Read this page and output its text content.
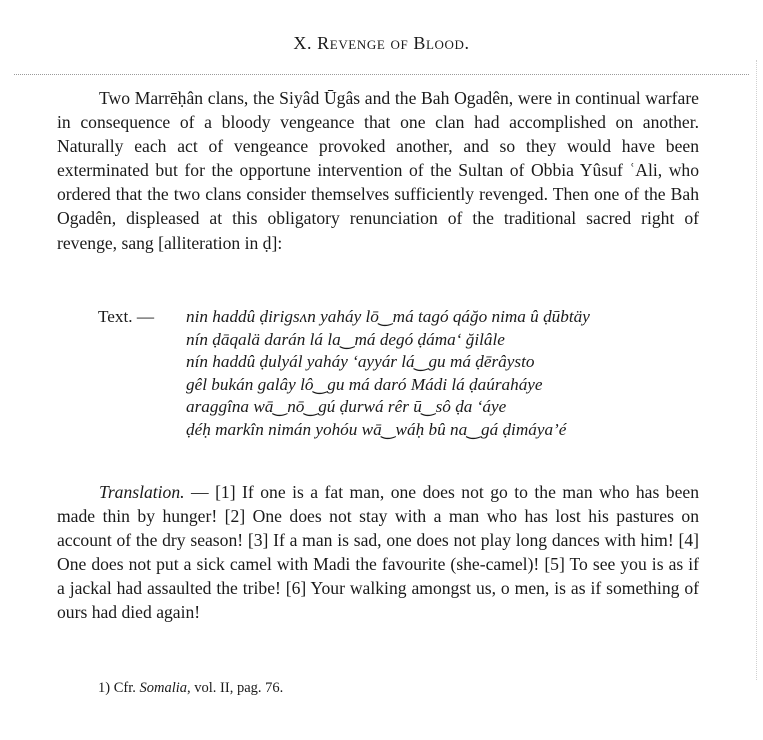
X. Revenge of Blood.

Two Marrēḥân clans, the Siyâd Ūgâs and the Bah Ogadên, were in continual warfare in consequence of a bloody vengeance that one clan had accomplished on another. Naturally each act of vengeance provoked another, and so they would have been exterminated but for the opportune intervention of the Sultan of Obbia Yûsuf ʿAli, who ordered that the two clans consider themselves sufficiently revenged. Then one of the Bah Ogadên, displeased at this obligatory renunciation of the traditional sacred right of revenge, sang [alliteration in ḍ]:

Text. — nin haddû ḍirigsʌn yaháy lō‿má tagó qáğo nima û ḍūbtäy
nín ḍāqalä darán lá la‿má degó ḍáma‘ ğilâle
nín haddû ḍulyál yaháy ‘ayyár lá‿gu má ḍērâysto
gêl bukán galây lô‿gu má daró Mádi lá ḍaúraháye
araggîna wā‿nō‿gú ḍurwá rêr ū‿sô ḍa ‘áye
ḍéḥ markîn nimán yohóu wā‿wáḥ bû na‿gá ḍimáya’é

Translation. — [1] If one is a fat man, one does not go to the man who has been made thin by hunger! [2] One does not stay with a man who has lost his pastures on account of the dry season! [3] If a man is sad, one does not play long dances with him! [4] One does not put a sick camel with Madi the favourite (she-camel)! [5] To see you is as if a jackal had assaulted the tribe! [6] Your walking amongst us, o men, is as if something of ours had died again!

1) Cfr. Somalia, vol. II, pag. 76.
